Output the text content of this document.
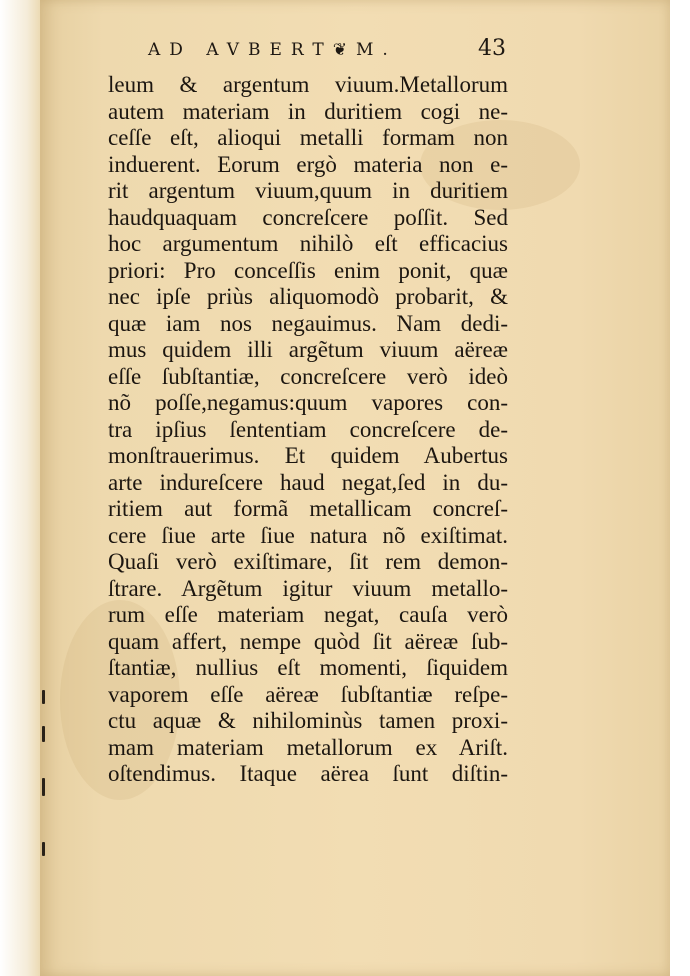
AD AVBERT❦M.	43
leum & argentum viuum.Metallorum
autem materiam in duritiem cogi ne-
ceſſe eſt, alioqui metalli formam non
induerent. Eorum ergò materia non e-
rit argentum viuum,quum in duritiem
haudquaquam concreſcere poſſit. Sed
hoc argumentum nihilò eſt efficacius
priori: Pro conceſſis enim ponit, quæ
nec ipſe priùs aliquomodò probarit, &
quæ iam nos negauimus. Nam dedi-
mus quidem illi argẽtum viuum aëreæ
eſſe ſubſtantiæ, concreſcere verò ideò
nõ poſſe,negamus:quum vapores con-
tra ipſius ſententiam concreſcere de-
monſtrauerimus. Et quidem Aubertus
arte indureſcere haud negat,ſed in du-
ritiem aut formã metallicam concreſ-
cere ſiue arte ſiue natura nõ exiſtimat.
Quaſi verò exiſtimare, ſit rem demon-
ſtrare. Argẽtum igitur viuum metallo-
rum eſſe materiam negat, cauſa verò
quam affert, nempe quòd ſit aëreæ ſub-
ſtantiæ, nullius eſt momenti, ſiquidem
vaporem eſſe aëreæ ſubſtantiæ reſpe-
ctu aquæ & nihilominùs tamen proxi-
mam materiam metallorum ex Ariſt.
oſtendimus. Itaque aërea ſunt diſtin-
